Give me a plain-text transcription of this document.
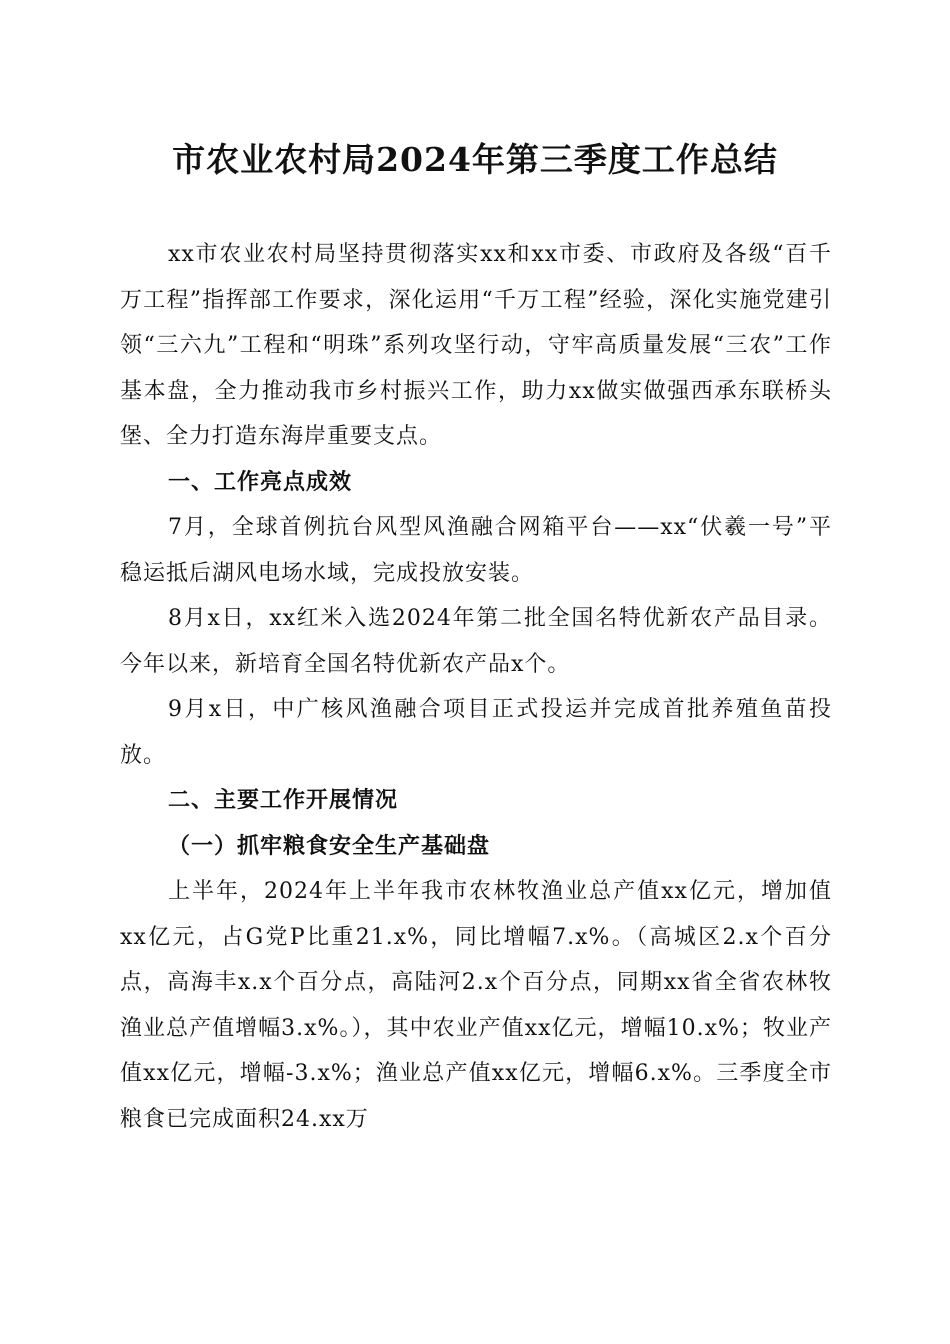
市农业农村局2024年第三季度工作总结

xx市农业农村局坚持贯彻落实xx和xx市委、市政府及各级“百千万工程”指挥部工作要求，深化运用“千万工程”经验，深化实施党建引领“三六九”工程和“明珠”系列攻坚行动，守牢高质量发展“三农”工作基本盘，全力推动我市乡村振兴工作，助力xx做实做强西承东联桥头堡、全力打造东海岸重要支点。

一、工作亮点成效

7月，全球首例抗台风型风渔融合网箱平台——xx“伏羲一号”平稳运抵后湖风电场水域，完成投放安装。

8月x日，xx红米入选2024年第二批全国名特优新农产品目录。今年以来，新培育全国名特优新农产品x个。

9月x日，中广核风渔融合项目正式投运并完成首批养殖鱼苗投放。

二、主要工作开展情况

（一）抓牢粮食安全生产基础盘

上半年，2024年上半年我市农林牧渔业总产值xx亿元，增加值xx亿元，占G党P比重21.x%，同比增幅7.x%。（高城区2.x个百分点，高海丰x.x个百分点，高陆河2.x个百分点，同期xx省全省农林牧渔业总产值增幅3.x%。），其中农业产值xx亿元，增幅10.x%；牧业产值xx亿元，增幅-3.x%；渔业总产值xx亿元，增幅6.x%。三季度全市粮食已完成面积24.xx万
